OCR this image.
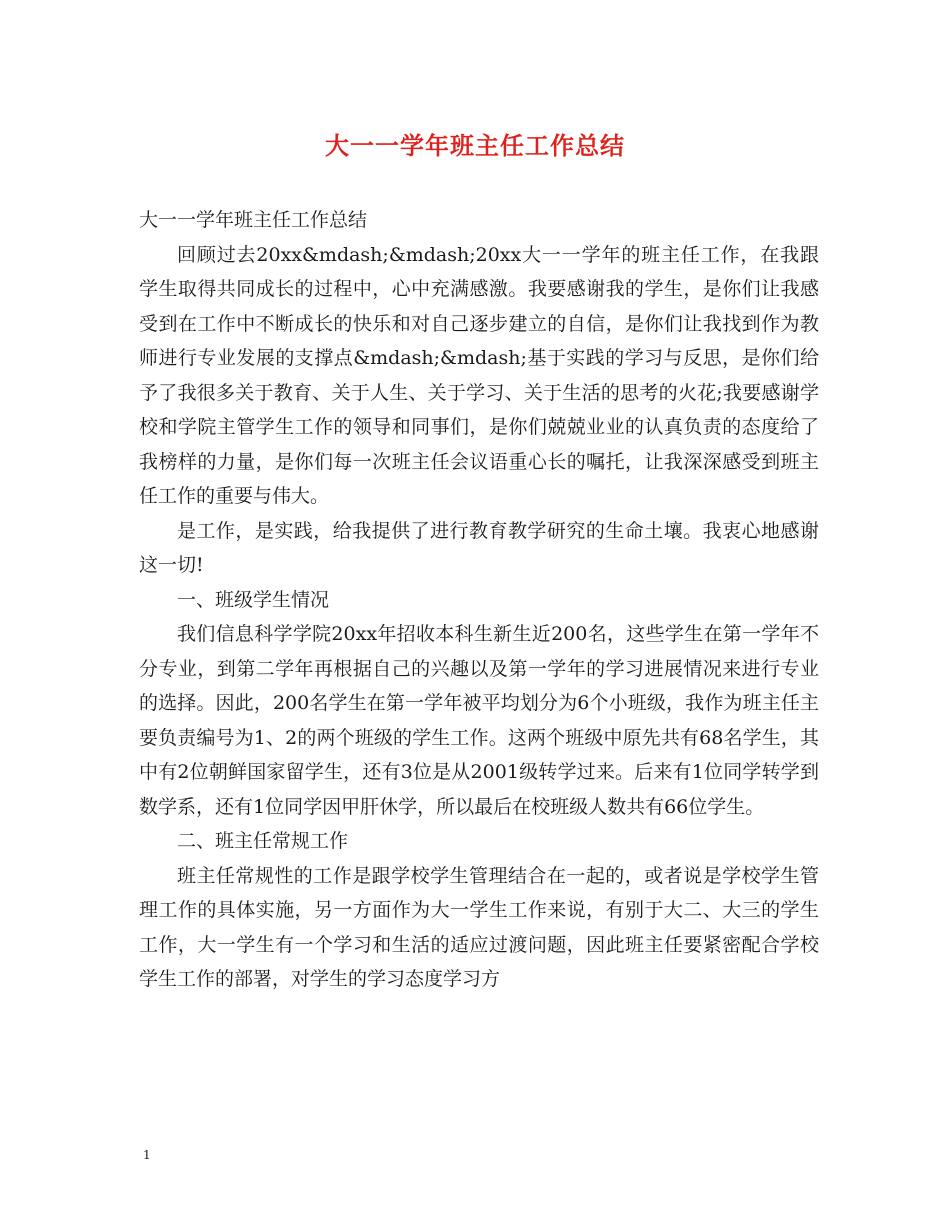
大一一学年班主任工作总结

大一一学年班主任工作总结

回顾过去20xx&mdash;&mdash;20xx大一一学年的班主任工作，在我跟学生取得共同成长的过程中，心中充满感激。我要感谢我的学生，是你们让我感受到在工作中不断成长的快乐和对自己逐步建立的自信，是你们让我找到作为教师进行专业发展的支撑点&mdash;&mdash;基于实践的学习与反思，是你们给予了我很多关于教育、关于人生、关于学习、关于生活的思考的火花;我要感谢学校和学院主管学生工作的领导和同事们，是你们兢兢业业的认真负责的态度给了我榜样的力量，是你们每一次班主任会议语重心长的嘱托，让我深深感受到班主任工作的重要与伟大。

是工作，是实践，给我提供了进行教育教学研究的生命土壤。我衷心地感谢这一切!

一、班级学生情况

我们信息科学学院20xx年招收本科生新生近200名，这些学生在第一学年不分专业，到第二学年再根据自己的兴趣以及第一学年的学习进展情况来进行专业的选择。因此，200名学生在第一学年被平均划分为6个小班级，我作为班主任主要负责编号为1、2的两个班级的学生工作。这两个班级中原先共有68名学生，其中有2位朝鲜国家留学生，还有3位是从2001级转学过来。后来有1位同学转学到数学系，还有1位同学因甲肝休学，所以最后在校班级人数共有66位学生。

二、班主任常规工作

班主任常规性的工作是跟学校学生管理结合在一起的，或者说是学校学生管理工作的具体实施，另一方面作为大一学生工作来说，有别于大二、大三的学生工作，大一学生有一个学习和生活的适应过渡问题，因此班主任要紧密配合学校学生工作的部署，对学生的学习态度学习方

1
